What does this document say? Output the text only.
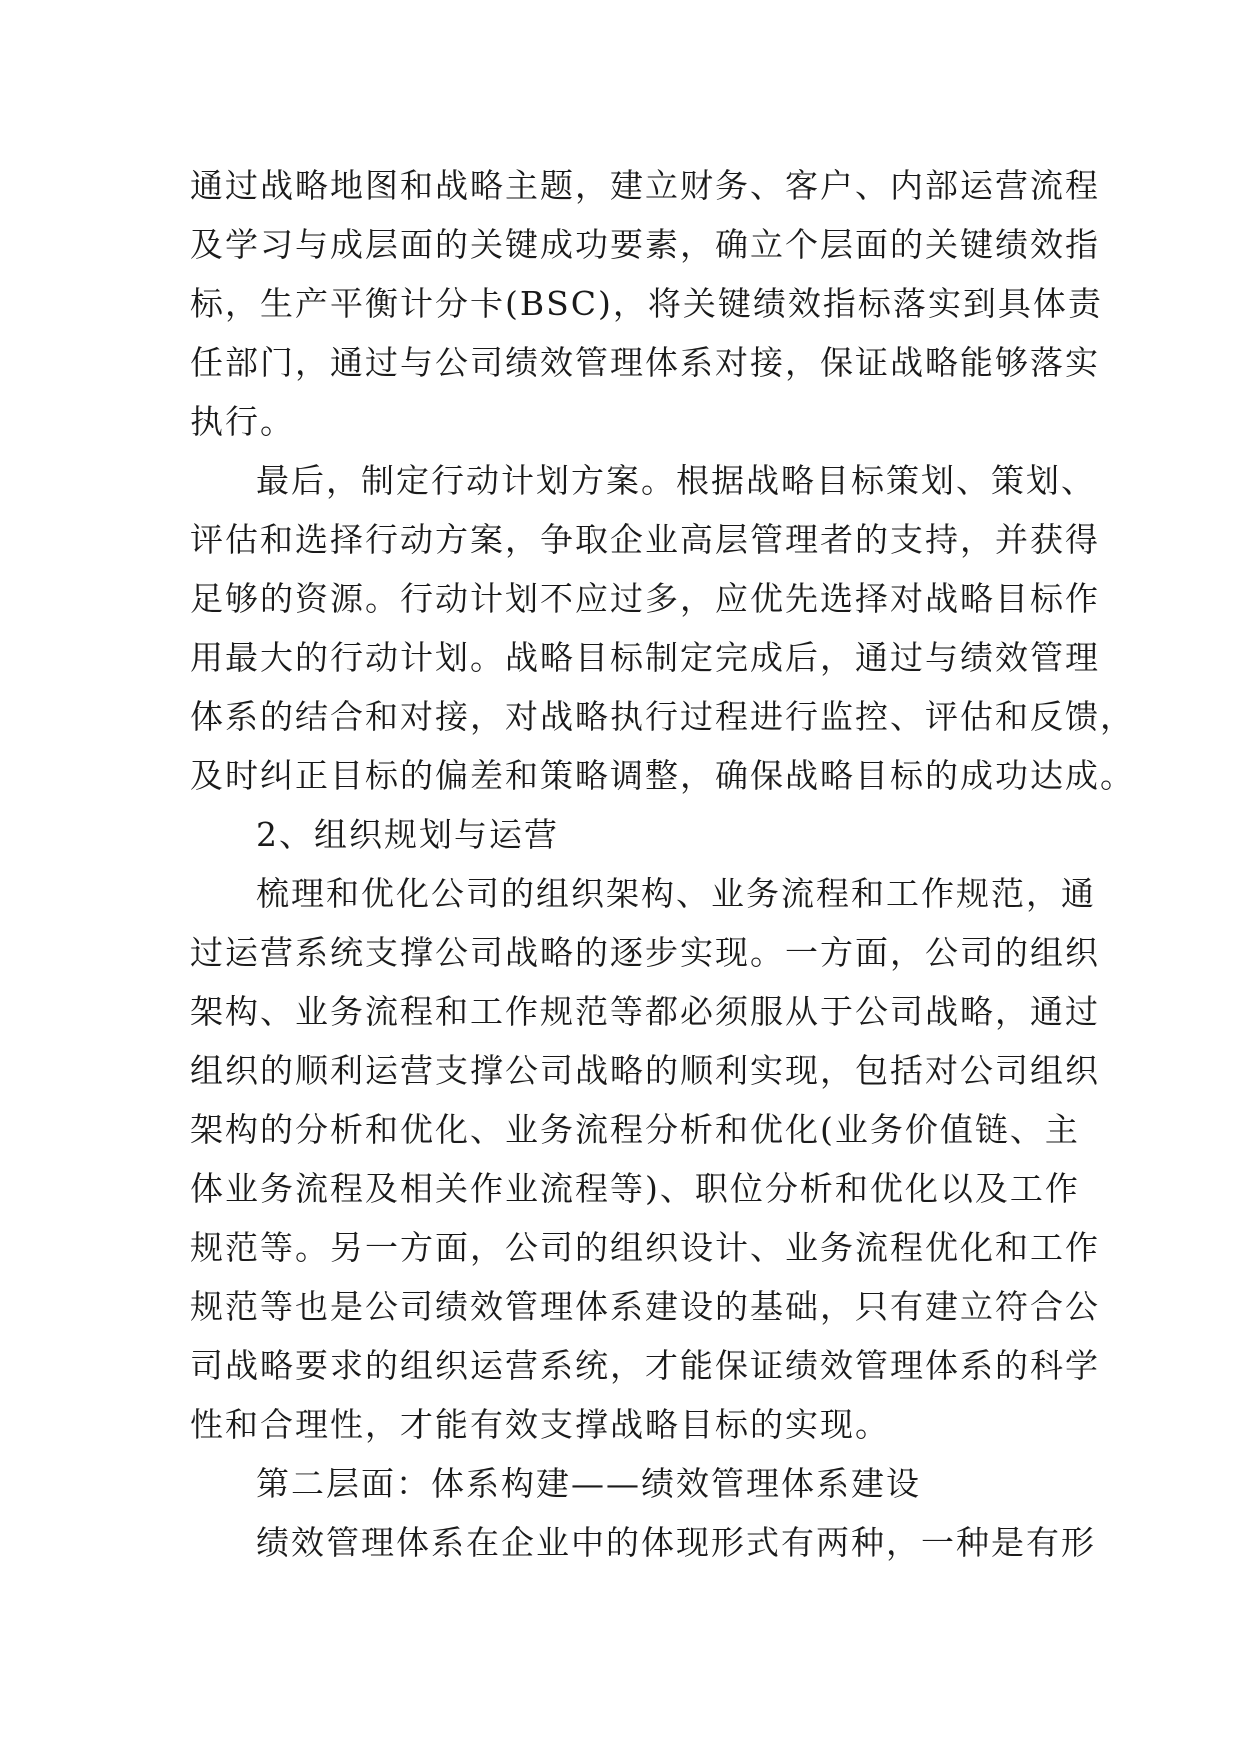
通过战略地图和战略主题，建立财务、客户、内部运营流程
及学习与成层面的关键成功要素，确立个层面的关键绩效指
标，生产平衡计分卡(BSC)，将关键绩效指标落实到具体责
任部门，通过与公司绩效管理体系对接，保证战略能够落实
执行。
最后，制定行动计划方案。根据战略目标策划、策划、
评估和选择行动方案，争取企业高层管理者的支持，并获得
足够的资源。行动计划不应过多，应优先选择对战略目标作
用最大的行动计划。战略目标制定完成后，通过与绩效管理
体系的结合和对接，对战略执行过程进行监控、评估和反馈，
及时纠正目标的偏差和策略调整，确保战略目标的成功达成。
2、组织规划与运营
梳理和优化公司的组织架构、业务流程和工作规范，通
过运营系统支撑公司战略的逐步实现。一方面，公司的组织
架构、业务流程和工作规范等都必须服从于公司战略，通过
组织的顺利运营支撑公司战略的顺利实现，包括对公司组织
架构的分析和优化、业务流程分析和优化(业务价值链、主
体业务流程及相关作业流程等)、职位分析和优化以及工作
规范等。另一方面，公司的组织设计、业务流程优化和工作
规范等也是公司绩效管理体系建设的基础，只有建立符合公
司战略要求的组织运营系统，才能保证绩效管理体系的科学
性和合理性，才能有效支撑战略目标的实现。
第二层面：体系构建——绩效管理体系建设
绩效管理体系在企业中的体现形式有两种，一种是有形
